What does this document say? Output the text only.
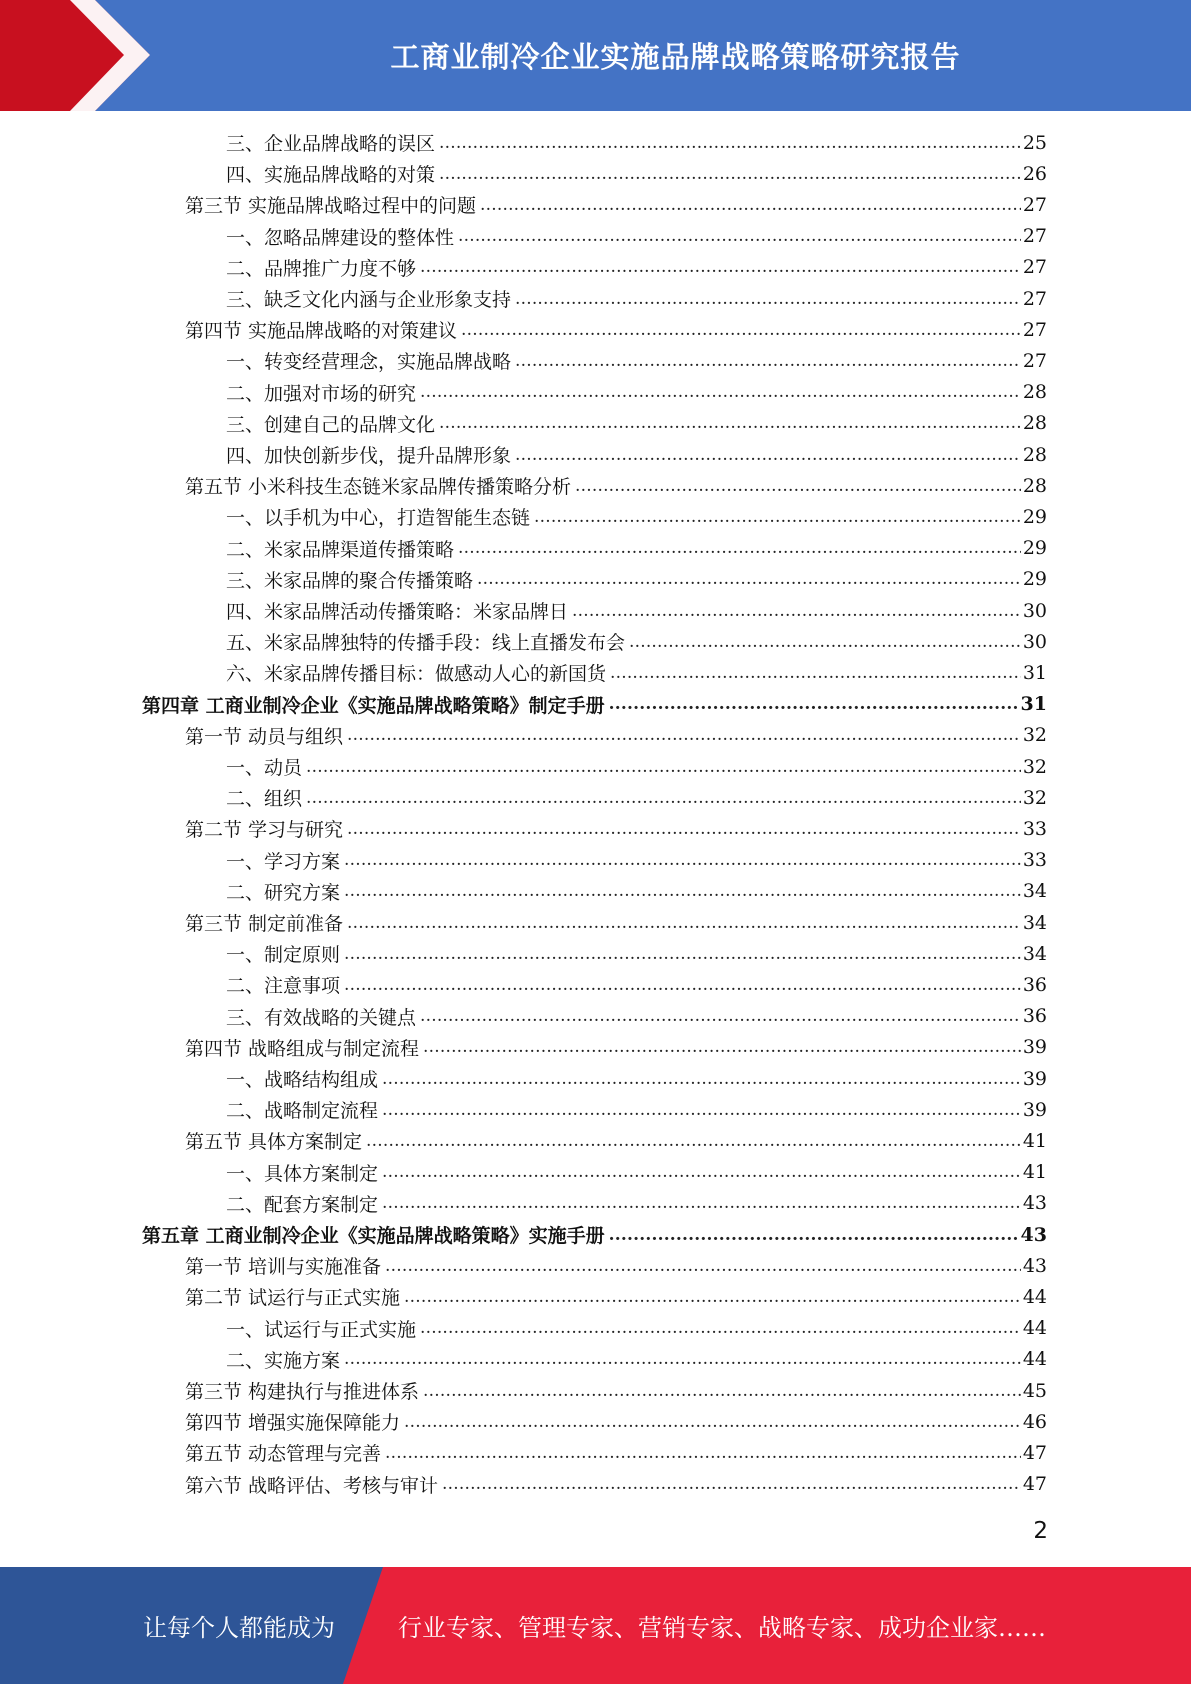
工商业制冷企业实施品牌战略策略研究报告
三、企业品牌战略的误区 .....	25
四、实施品牌战略的对策 .....	26
第三节 实施品牌战略过程中的问题 .....	27
一、忽略品牌建设的整体性 .....	27
二、品牌推广力度不够 .....	27
三、缺乏文化内涵与企业形象支持 .....	27
第四节 实施品牌战略的对策建议 .....	27
一、转变经营理念，实施品牌战略 .....	27
二、加强对市场的研究 .....	28
三、创建自己的品牌文化 .....	28
四、加快创新步伐，提升品牌形象 .....	28
第五节 小米科技生态链米家品牌传播策略分析 .....	28
一、以手机为中心，打造智能生态链 .....	29
二、米家品牌渠道传播策略 .....	29
三、米家品牌的聚合传播策略 .....	29
四、米家品牌活动传播策略：米家品牌日 .....	30
五、米家品牌独特的传播手段：线上直播发布会 .....	30
六、米家品牌传播目标：做感动人心的新国货 .....	31
第四章 工商业制冷企业《实施品牌战略策略》制定手册 .....	31
第一节 动员与组织 .....	32
一、动员 .....	32
二、组织 .....	32
第二节 学习与研究 .....	33
一、学习方案 .....	33
二、研究方案 .....	34
第三节 制定前准备 .....	34
一、制定原则 .....	34
二、注意事项 .....	36
三、有效战略的关键点 .....	36
第四节 战略组成与制定流程 .....	39
一、战略结构组成 .....	39
二、战略制定流程 .....	39
第五节 具体方案制定 .....	41
一、具体方案制定 .....	41
二、配套方案制定 .....	43
第五章 工商业制冷企业《实施品牌战略策略》实施手册 .....	43
第一节 培训与实施准备 .....	43
第二节 试运行与正式实施 .....	44
一、试运行与正式实施 .....	44
二、实施方案 .....	44
第三节 构建执行与推进体系 .....	45
第四节 增强实施保障能力 .....	46
第五节 动态管理与完善 .....	47
第六节 战略评估、考核与审计 .....	47
2
让每个人都能成为	行业专家、管理专家、营销专家、战略专家、成功企业家……
